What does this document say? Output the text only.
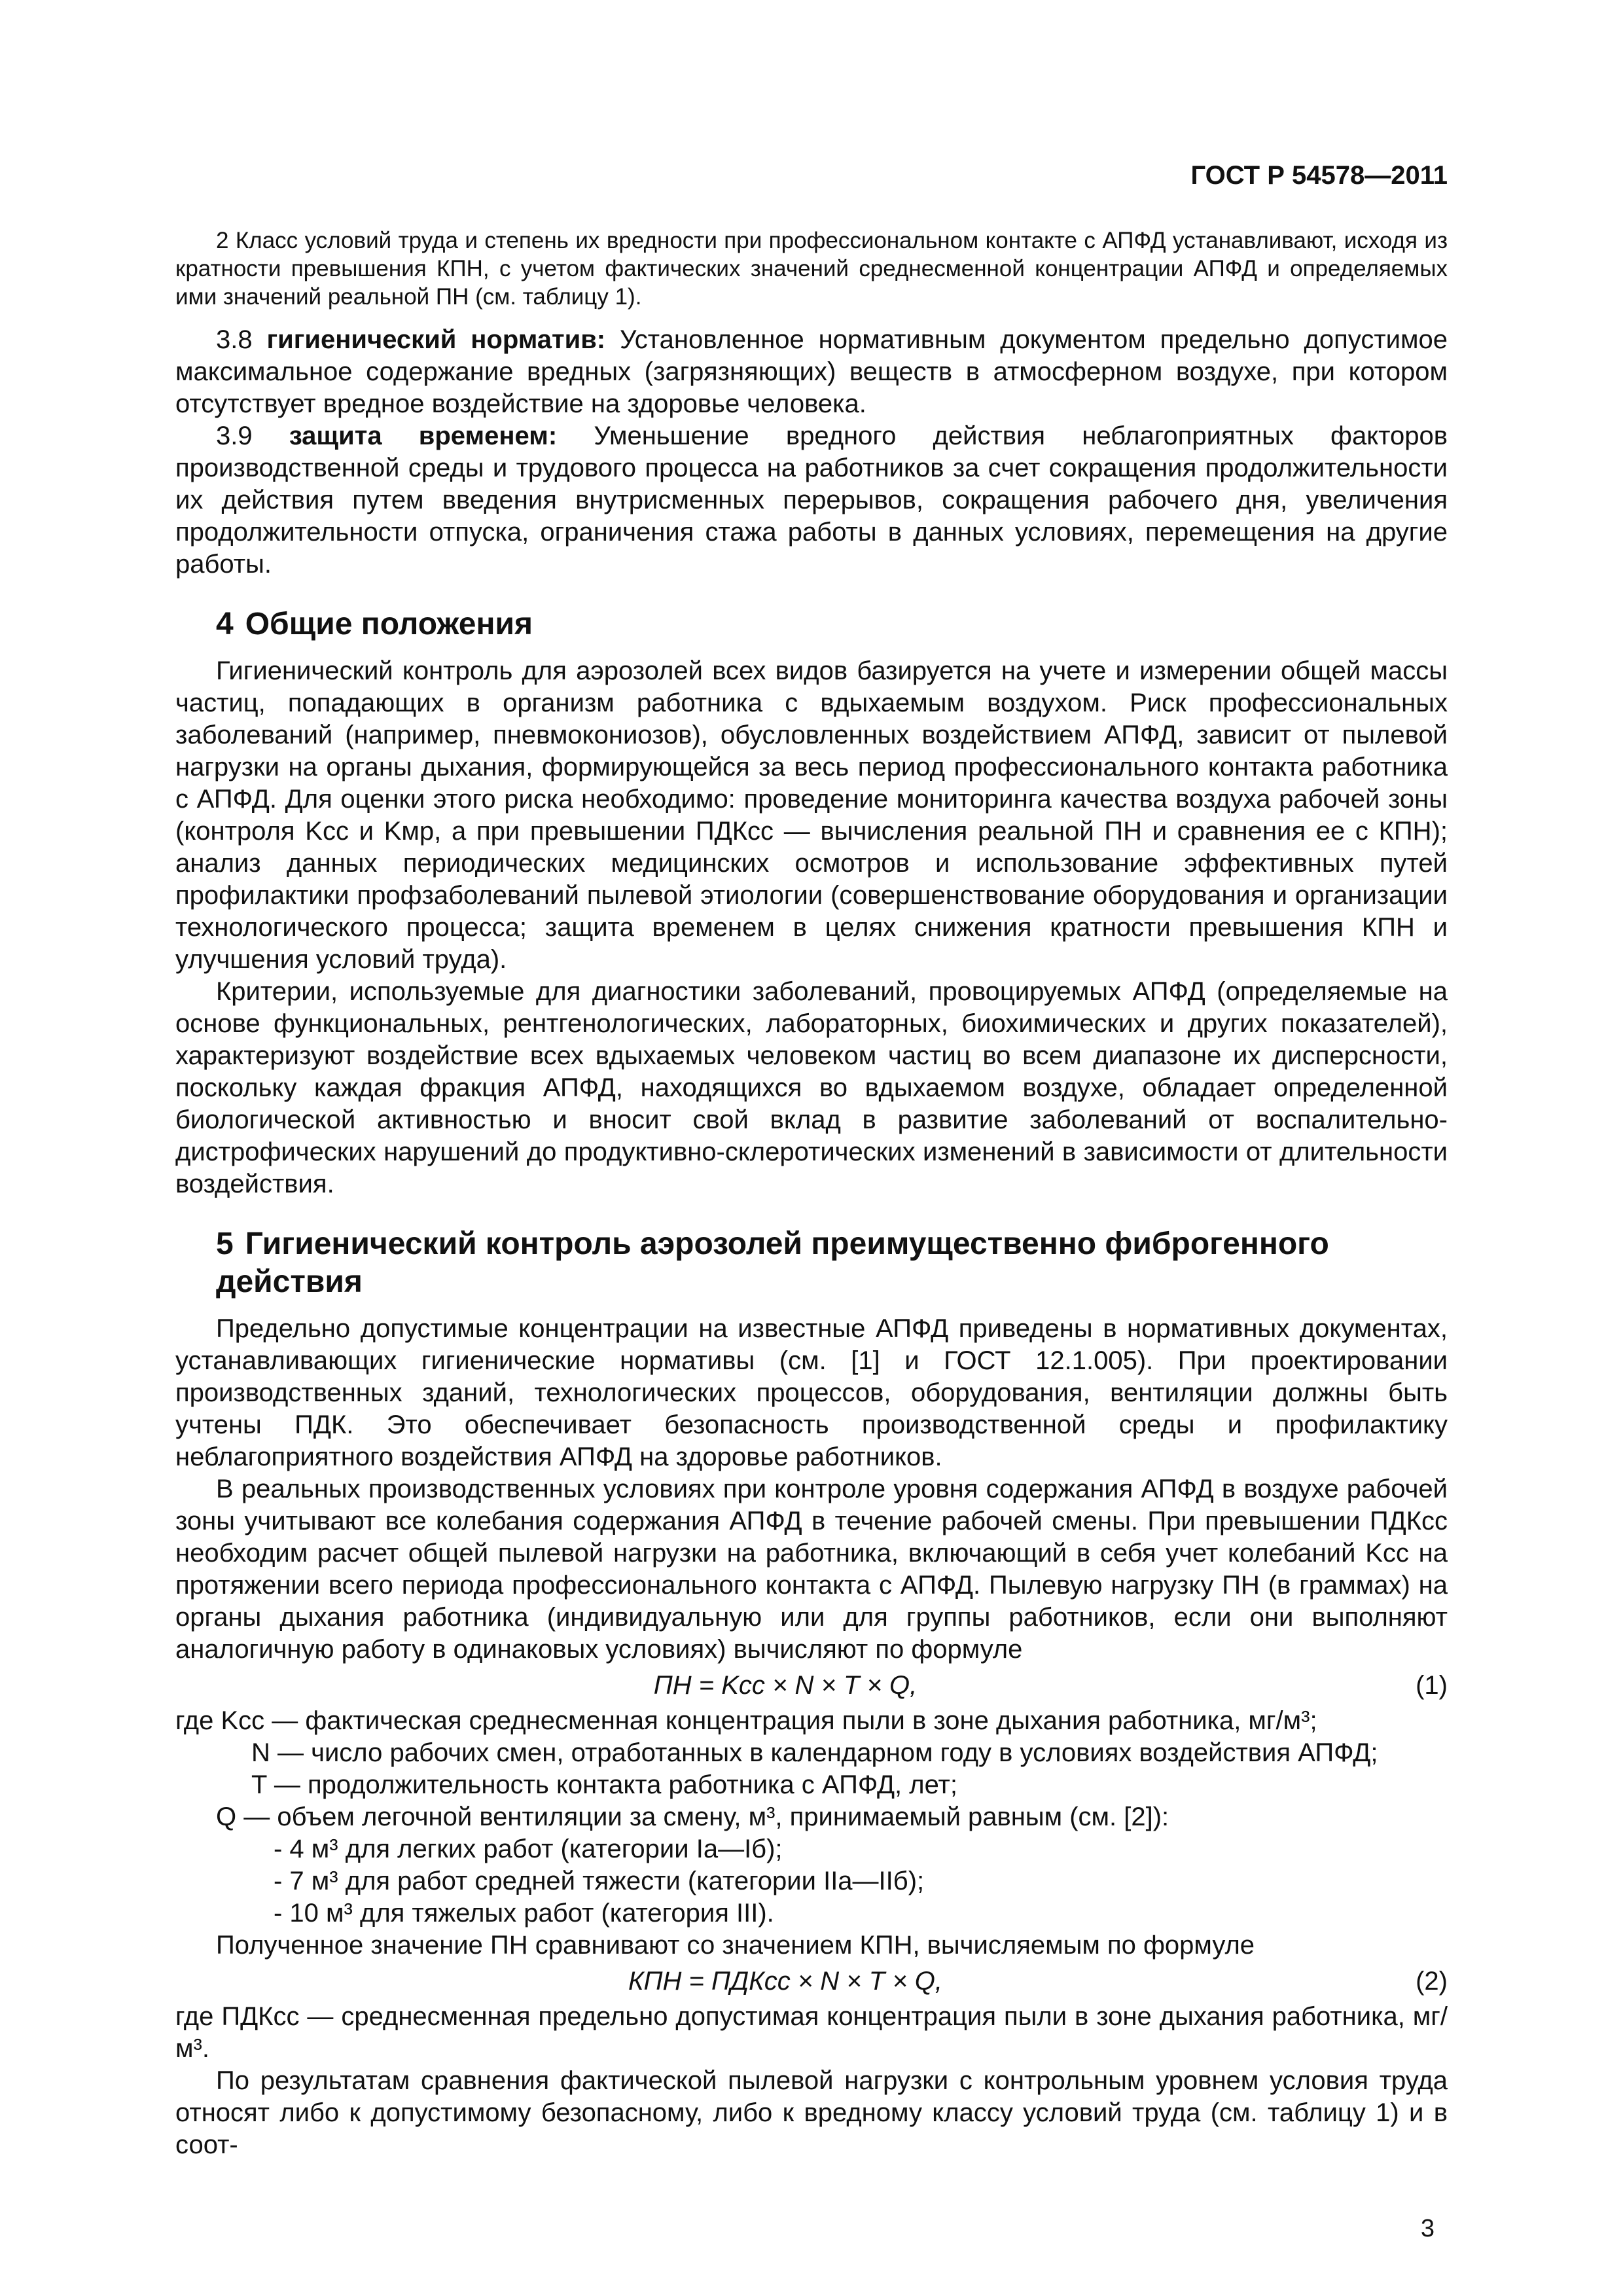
ГОСТ Р 54578—2011

2 Класс условий труда и степень их вредности при профессиональном контакте с АПФД устанавливают, исходя из кратности превышения КПН, с учетом фактических значений среднесменной концентрации АПФД и определяемых ими значений реальной ПН (см. таблицу 1).

3.8 гигиенический норматив: Установленное нормативным документом предельно допустимое максимальное содержание вредных (загрязняющих) веществ в атмосферном воздухе, при котором отсутствует вредное воздействие на здоровье человека.

3.9 защита временем: Уменьшение вредного действия неблагоприятных факторов производственной среды и трудового процесса на работников за счет сокращения продолжительности их действия путем введения внутрисменных перерывов, сокращения рабочего дня, увеличения продолжительности отпуска, ограничения стажа работы в данных условиях, перемещения на другие работы.

4 Общие положения

Гигиенический контроль для аэрозолей всех видов базируется на учете и измерении общей массы частиц, попадающих в организм работника с вдыхаемым воздухом. Риск профессиональных заболеваний (например, пневмокониозов), обусловленных воздействием АПФД, зависит от пылевой нагрузки на органы дыхания, формирующейся за весь период профессионального контакта работника с АПФД. Для оценки этого риска необходимо: проведение мониторинга качества воздуха рабочей зоны (контроля Kсс и Kмр, а при превышении ПДКсс — вычисления реальной ПН и сравнения ее с КПН); анализ данных периодических медицинских осмотров и использование эффективных путей профилактики профзаболеваний пылевой этиологии (совершенствование оборудования и организации технологического процесса; защита временем в целях снижения кратности превышения КПН и улучшения условий труда).

Критерии, используемые для диагностики заболеваний, провоцируемых АПФД (определяемые на основе функциональных, рентгенологических, лабораторных, биохимических и других показателей), характеризуют воздействие всех вдыхаемых человеком частиц во всем диапазоне их дисперсности, поскольку каждая фракция АПФД, находящихся во вдыхаемом воздухе, обладает определенной биологической активностью и вносит свой вклад в развитие заболеваний от воспалительно-дистрофических нарушений до продуктивно-склеротических изменений в зависимости от длительности воздействия.

5 Гигиенический контроль аэрозолей преимущественно фиброгенного действия

Предельно допустимые концентрации на известные АПФД приведены в нормативных документах, устанавливающих гигиенические нормативы (см. [1] и ГОСТ 12.1.005). При проектировании производственных зданий, технологических процессов, оборудования, вентиляции должны быть учтены ПДК. Это обеспечивает безопасность производственной среды и профилактику неблагоприятного воздействия АПФД на здоровье работников.

В реальных производственных условиях при контроле уровня содержания АПФД в воздухе рабочей зоны учитывают все колебания содержания АПФД в течение рабочей смены. При превышении ПДКсс необходим расчет общей пылевой нагрузки на работника, включающий в себя учет колебаний Kсс на протяжении всего периода профессионального контакта с АПФД. Пылевую нагрузку ПН (в граммах) на органы дыхания работника (индивидуальную или для группы работников, если они выполняют аналогичную работу в одинаковых условиях) вычисляют по формуле

ПН = Kсс × N × T × Q,	(1)

где Kсс — фактическая среднесменная концентрация пыли в зоне дыхания работника, мг/м³;

N — число рабочих смен, отработанных в календарном году в условиях воздействия АПФД;

T — продолжительность контакта работника с АПФД, лет;

Q — объем легочной вентиляции за смену, м³, принимаемый равным (см. [2]):

- 4 м³ для легких работ (категории Iа—Iб);

- 7 м³ для работ средней тяжести (категории IIа—IIб);

- 10 м³ для тяжелых работ (категория III).

Полученное значение ПН сравнивают со значением КПН, вычисляемым по формуле

КПН = ПДКсс × N × T × Q,	(2)

где ПДКсс — среднесменная предельно допустимая концентрация пыли в зоне дыхания работника, мг/м³.

По результатам сравнения фактической пылевой нагрузки с контрольным уровнем условия труда относят либо к допустимому безопасному, либо к вредному классу условий труда (см. таблицу 1) и в соот-

3
